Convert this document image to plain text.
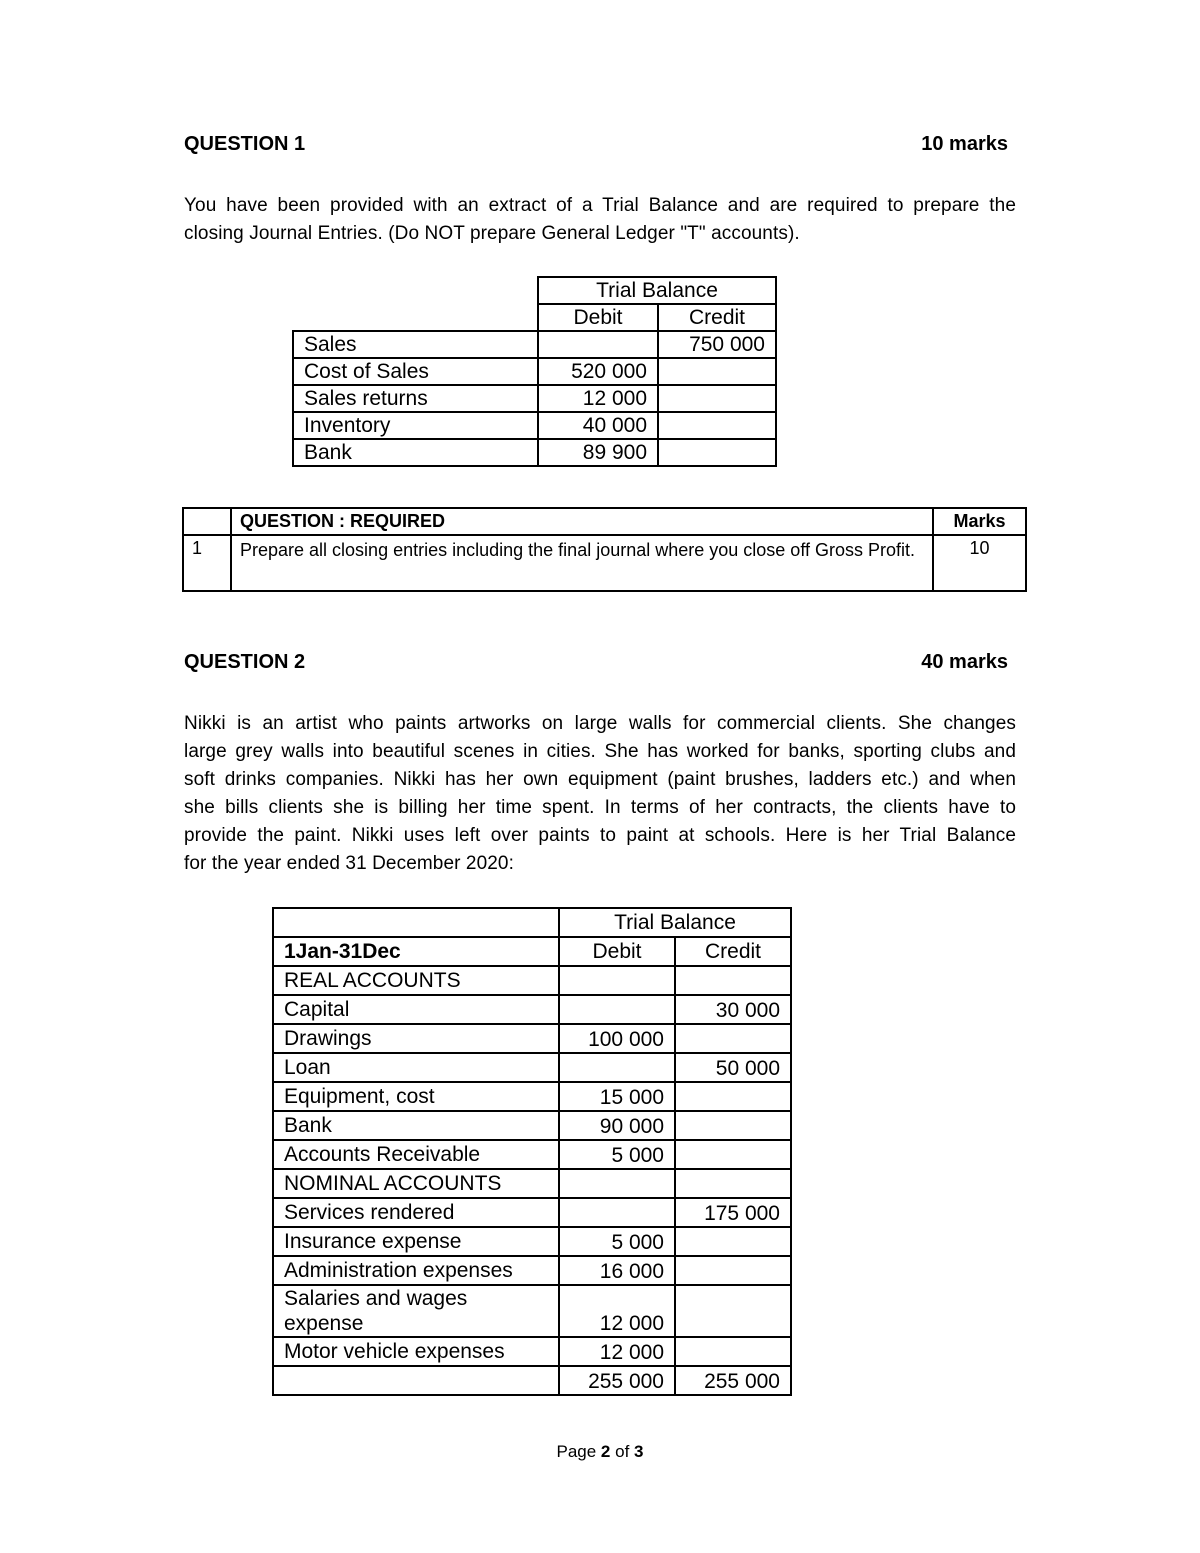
QUESTION 1	10 marks
You have been provided with an extract of a Trial Balance and are required to prepare the
closing Journal Entries. (Do NOT prepare General Ledger "T" accounts).
	Trial Balance	
	Debit	Credit
Sales		750 000
Cost of Sales	520 000	
Sales returns	12 000	
Inventory	40 000	
Bank	89 900	
	QUESTION : REQUIRED	Marks
1	Prepare all closing entries including the final journal where you close off Gross Profit.	10
QUESTION 2	40 marks
Nikki is an artist who paints artworks on large walls for commercial clients. She changes
large grey walls into beautiful scenes in cities. She has worked for banks, sporting clubs and
soft drinks companies. Nikki has her own equipment (paint brushes, ladders etc.) and when
she bills clients she is billing her time spent. In terms of her contracts, the clients have to
provide the paint. Nikki uses left over paints to paint at schools. Here is her Trial Balance
for the year ended 31 December 2020:
	Trial Balance	
1Jan-31Dec	Debit	Credit
REAL ACCOUNTS		
Capital		30 000
Drawings	100 000	
Loan		50 000
Equipment, cost	15 000	
Bank	90 000	
Accounts Receivable	5 000	
NOMINAL ACCOUNTS		
Services rendered		175 000
Insurance expense	5 000	
Administration expenses	16 000	
Salaries and wages expense	12 000	
Motor vehicle expenses	12 000	
	255 000	255 000
Page 2 of 3
